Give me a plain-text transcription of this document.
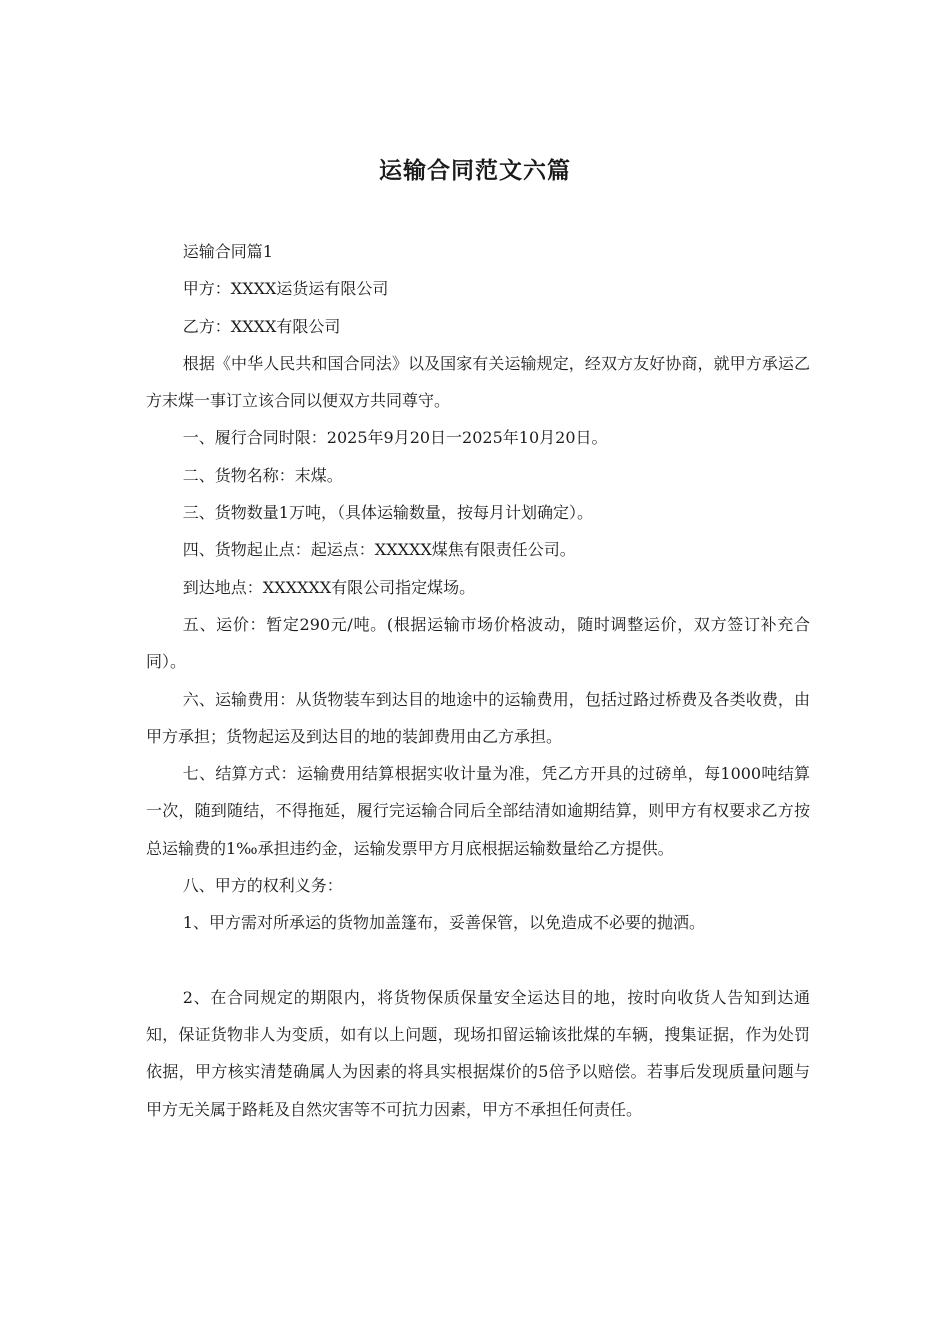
运输合同范文六篇

运输合同篇1

甲方：XXXX运货运有限公司

乙方：XXXX有限公司

根据《中华人民共和国合同法》以及国家有关运输规定，经双方友好协商，就甲方承运乙方末煤一事订立该合同以便双方共同尊守。

一、履行合同时限：2025年9月20日一2025年10月20日。

二、货物名称：末煤。

三、货物数量1万吨，（具体运输数量，按每月计划确定）。

四、货物起止点：起运点：XXXXX煤焦有限责任公司。

到达地点：XXXXXX有限公司指定煤场。

五、运价：暂定290元/吨。(根据运输市场价格波动，随时调整运价，双方签订补充合同）。

六、运输费用：从货物装车到达目的地途中的运输费用，包括过路过桥费及各类收费，由甲方承担；货物起运及到达目的地的装卸费用由乙方承担。

七、结算方式：运输费用结算根据实收计量为准，凭乙方开具的过磅单，每1000吨结算一次，随到随结，不得拖延，履行完运输合同后全部结清如逾期结算，则甲方有权要求乙方按总运输费的1‰承担违约金，运输发票甲方月底根据运输数量给乙方提供。

八、甲方的权利义务：

1、甲方需对所承运的货物加盖篷布，妥善保管，以免造成不必要的抛洒。

2、在合同规定的期限内，将货物保质保量安全运达目的地，按时向收货人告知到达通知，保证货物非人为变质，如有以上问题，现场扣留运输该批煤的车辆，搜集证据，作为处罚依据，甲方核实清楚确属人为因素的将具实根据煤价的5倍予以赔偿。若事后发现质量问题与甲方无关属于路耗及自然灾害等不可抗力因素，甲方不承担任何责任。
